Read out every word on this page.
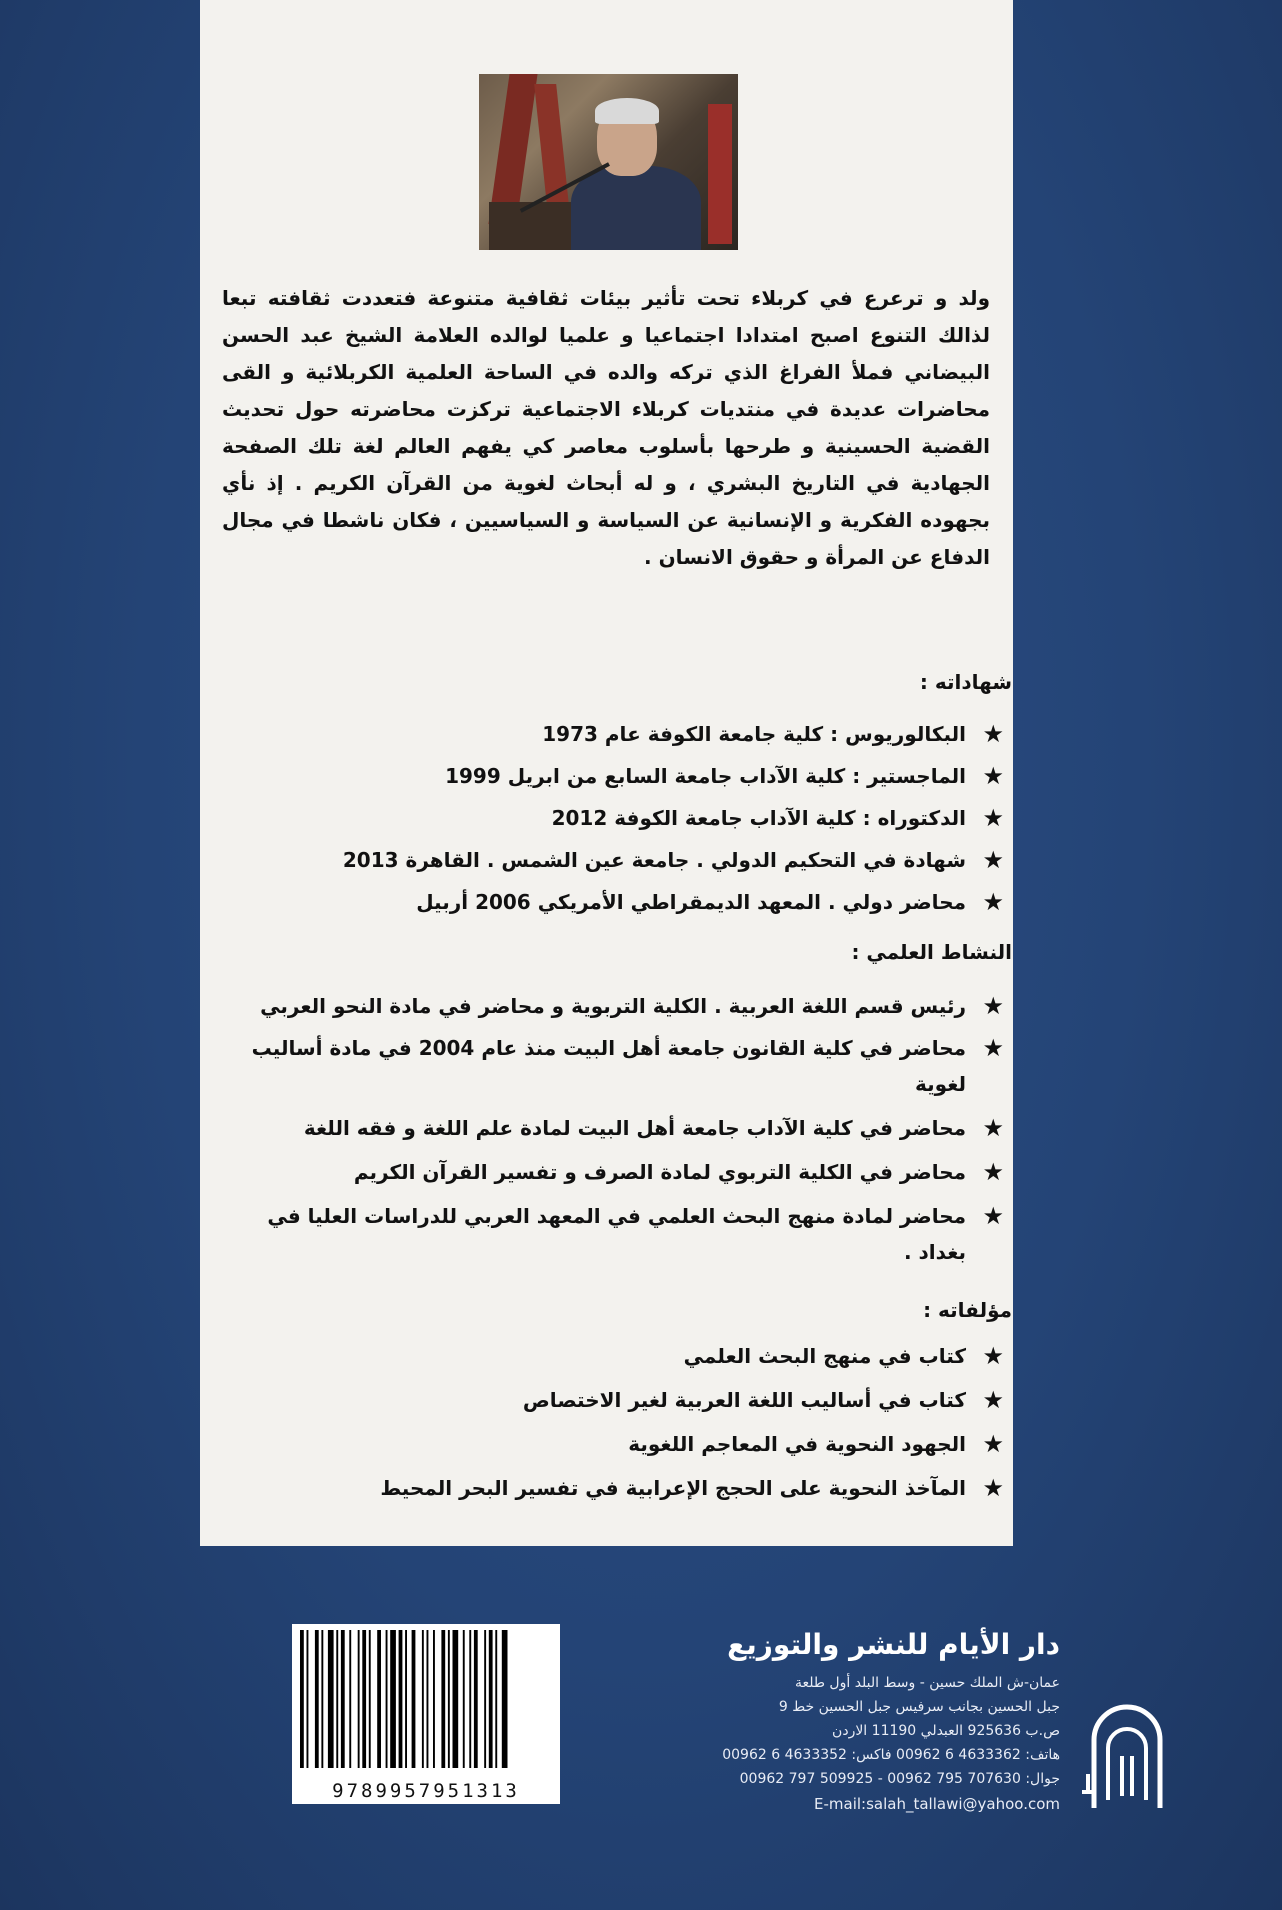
ولد و ترعرع في كربلاء تحت تأثير بيئات ثقافية متنوعة فتعددت ثقافته تبعا لذالك التنوع اصبح امتدادا اجتماعيا و علميا لوالده العلامة الشيخ عبد الحسن البيضاني فملأ الفراغ الذي تركه والده في الساحة العلمية الكربلائية و القى محاضرات عديدة في منتديات كربلاء الاجتماعية تركزت محاضرته حول تحديث القضية الحسينية و طرحها بأسلوب معاصر كي يفهم العالم لغة تلك الصفحة الجهادية في التاريخ البشري ، و له أبحاث لغوية من القرآن الكريم . إذ نأي بجهوده الفكرية و الإنسانية عن السياسة و السياسيين ، فكان ناشطا في مجال الدفاع عن المرأة و حقوق الانسان .
شهاداته :
★
البكالوريوس : كلية جامعة الكوفة عام 1973
★
الماجستير : كلية الآداب جامعة السابع من ابريل 1999
★
الدكتوراه : كلية الآداب جامعة الكوفة 2012
★
شهادة في التحكيم الدولي . جامعة عين الشمس . القاهرة 2013
★
محاضر دولي . المعهد الديمقراطي الأمريكي 2006 أربيل
النشاط العلمي :
★
رئيس قسم اللغة العربية . الكلية التربوية و محاضر في مادة النحو العربي
★
محاضر في كلية القانون جامعة أهل البيت منذ عام 2004 في مادة أساليب لغوية
★
محاضر في كلية الآداب جامعة أهل البيت لمادة علم اللغة و فقه اللغة
★
محاضر في الكلية التربوي لمادة الصرف و تفسير القرآن الكريم
★
محاضر لمادة منهج البحث العلمي في المعهد العربي للدراسات العليا في بغداد .
مؤلفاته :
★
كتاب في منهج البحث العلمي
★
كتاب في أساليب اللغة العربية لغير الاختصاص
★
الجهود النحوية في المعاجم اللغوية
★
المآخذ النحوية على الحجج الإعرابية في تفسير البحر المحيط
9789957951313
دار الأيام للنشر والتوزيع
عمان-ش الملك حسين - وسط البلد أول طلعة
جبل الحسين بجانب سرفيس جبل الحسين خط 9
ص.ب 925636 العبدلي 11190 الاردن
هاتف: 4633362 6 00962 فاكس: 4633352 6 00962
جوال: 707630 795 00962 - 509925 797 00962
E-mail:salah_tallawi@yahoo.com
